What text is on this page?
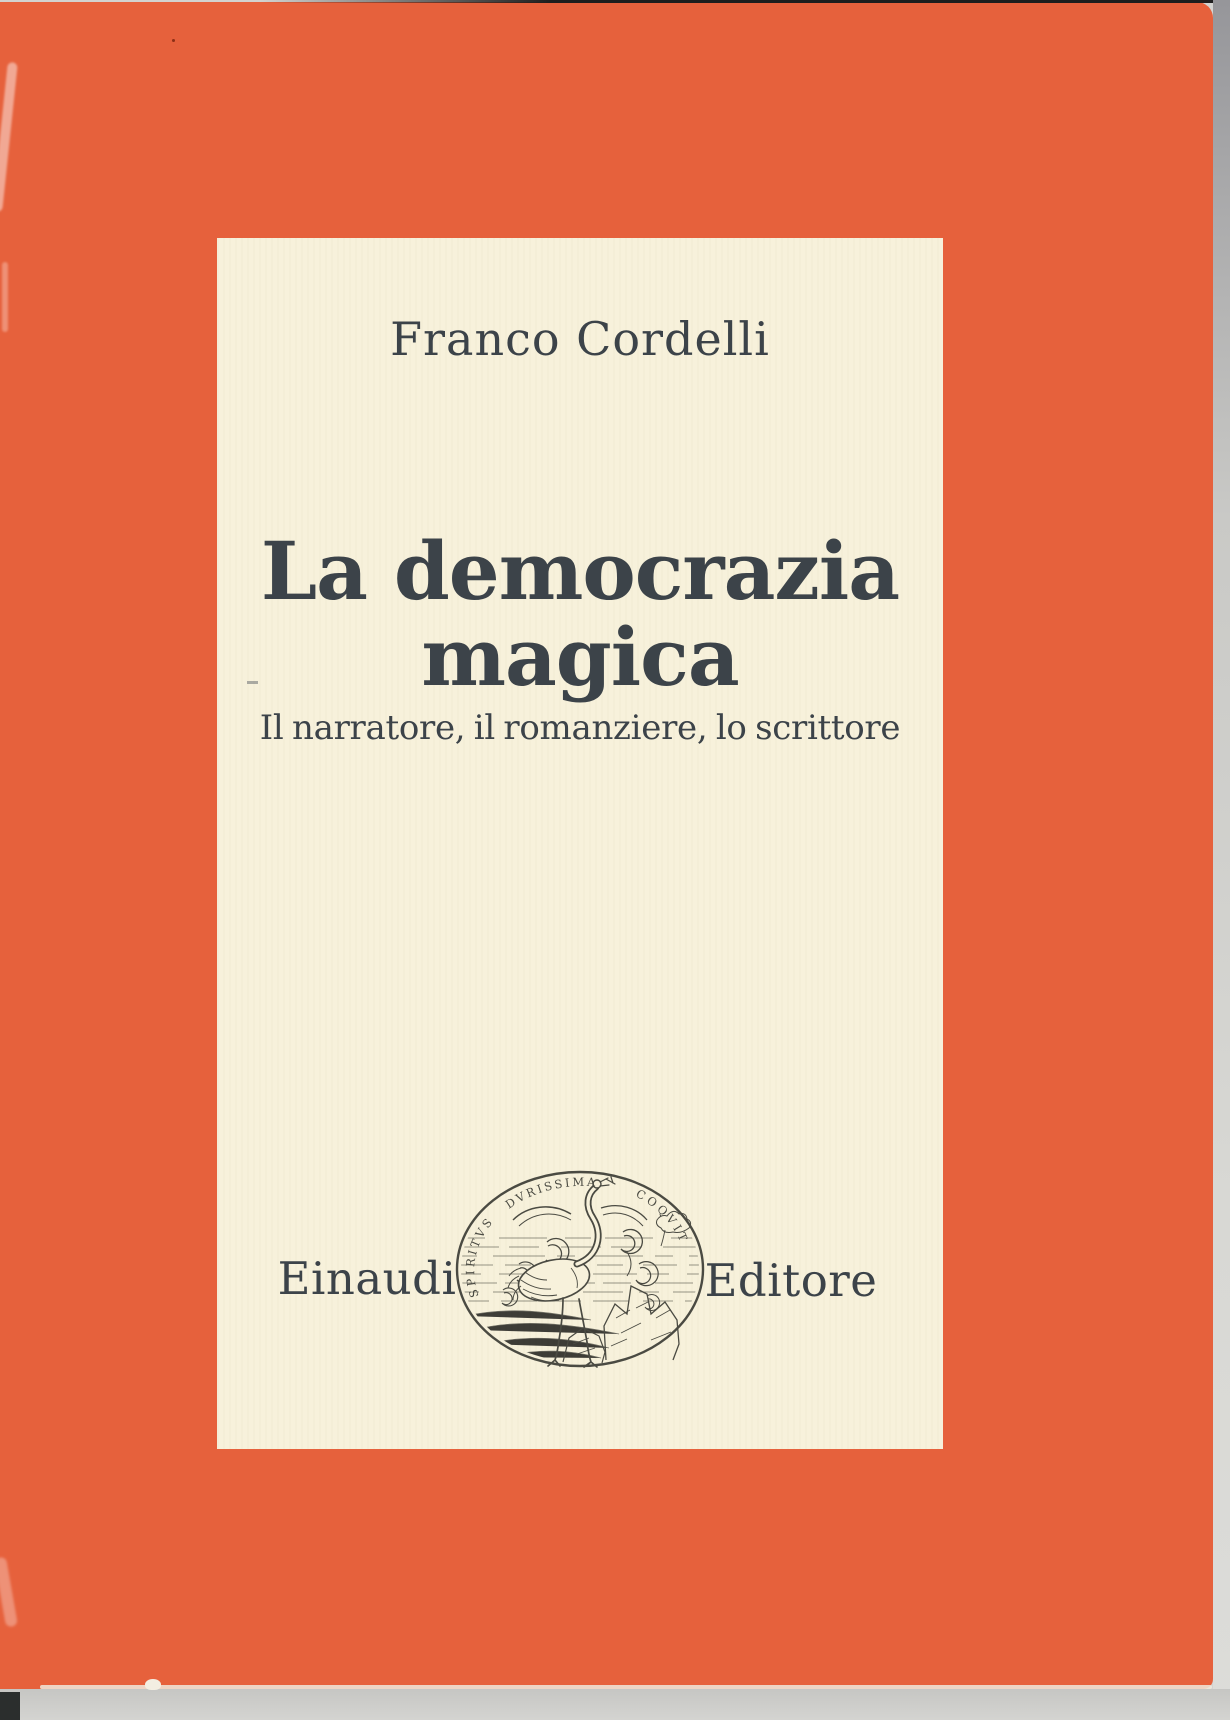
Franco Cordelli
La democrazia
magica
Il narratore, il romanziere, lo scrittore
Einaudi	Editore
SPIRITVS
DVRISSIMA
COQVIT
